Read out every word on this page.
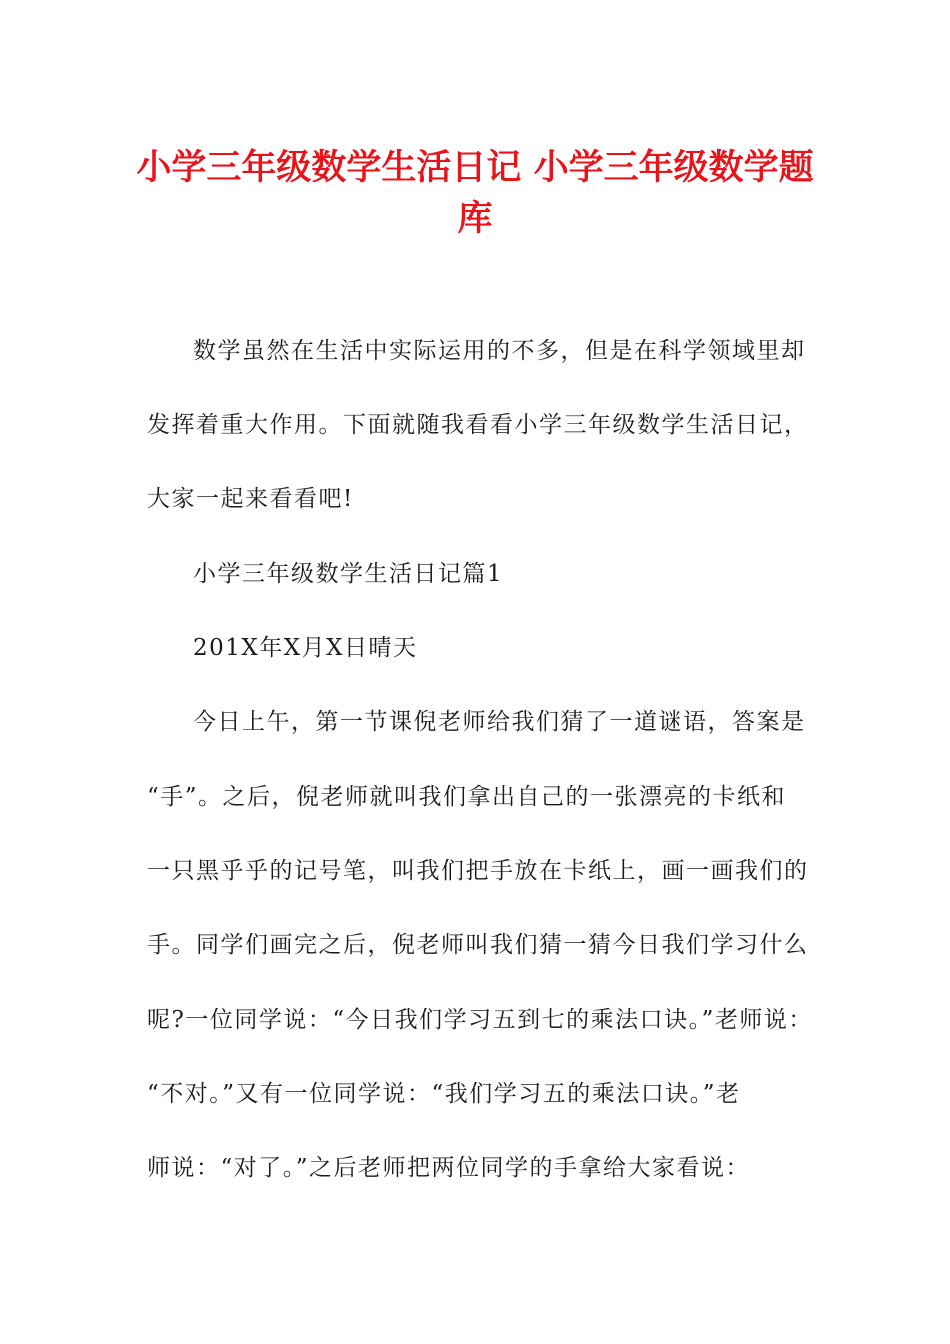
小学三年级数学生活日记 小学三年级数学题库
数学虽然在生活中实际运用的不多，但是在科学领域里却
发挥着重大作用。下面就随我看看小学三年级数学生活日记，
大家一起来看看吧!
小学三年级数学生活日记篇1
201X年X月X日晴天
今日上午，第一节课倪老师给我们猜了一道谜语，答案是
“手”。之后，倪老师就叫我们拿出自己的一张漂亮的卡纸和
一只黑乎乎的记号笔，叫我们把手放在卡纸上，画一画我们的
手。同学们画完之后，倪老师叫我们猜一猜今日我们学习什么
呢?一位同学说：“今日我们学习五到七的乘法口诀。”老师说：
“不对。”又有一位同学说：“我们学习五的乘法口诀。”老
师说：“对了。”之后老师把两位同学的手拿给大家看说：
